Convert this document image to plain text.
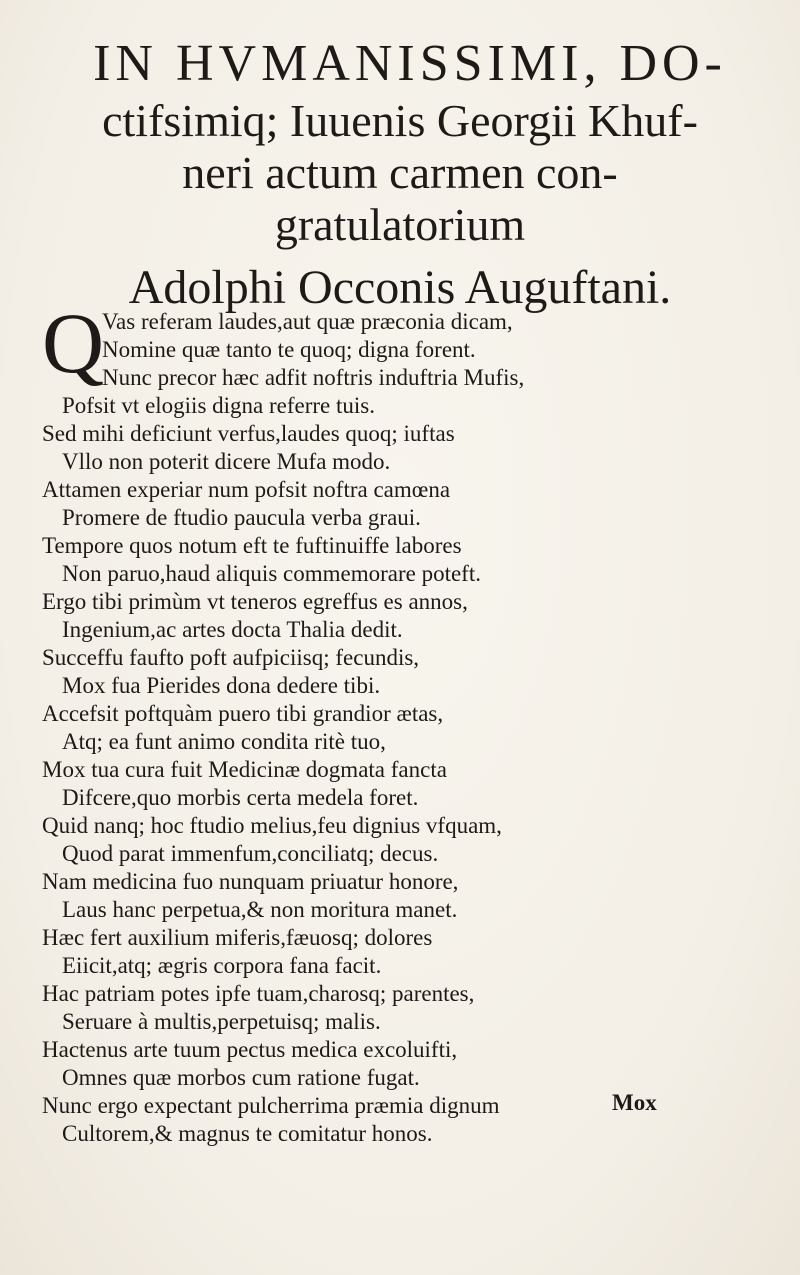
IN HVMANISSIMI, DO-
ctifsimiq; Iuuenis Georgii Khuf-
neri actum carmen con-
gratulatorium
Adolphi Occonis Auguftani.
Q
Vas referam laudes,aut quæ præconia dicam,
Nomine quæ tanto te quoq; digna forent.
Nunc precor hæc adfit noftris induftria Mufis,
Pofsit vt elogiis digna referre tuis.
Sed mihi deficiunt verfus,laudes quoq; iuftas
Vllo non poterit dicere Mufa modo.
Attamen experiar num pofsit noftra camœna
Promere de ftudio paucula verba graui.
Tempore quos notum eft te fuftinuiffe labores
Non paruo,haud aliquis commemorare poteft.
Ergo tibi primùm vt teneros egreffus es annos,
Ingenium,ac artes docta Thalia dedit.
Succeffu faufto poft aufpiciisq; fecundis,
Mox fua Pierides dona dedere tibi.
Accefsit poftquàm puero tibi grandior ætas,
Atq; ea funt animo condita ritè tuo,
Mox tua cura fuit Medicinæ dogmata fancta
Difcere,quo morbis certa medela foret.
Quid nanq; hoc ftudio melius,feu dignius vfquam,
Quod parat immenfum,conciliatq; decus.
Nam medicina fuo nunquam priuatur honore,
Laus hanc perpetua,& non moritura manet.
Hæc fert auxilium miferis,fæuosq; dolores
Eiicit,atq; ægris corpora fana facit.
Hac patriam potes ipfe tuam,charosq; parentes,
Seruare à multis,perpetuisq; malis.
Hactenus arte tuum pectus medica excoluifti,
Omnes quæ morbos cum ratione fugat.
Nunc ergo expectant pulcherrima præmia dignum
Cultorem,& magnus te comitatur honos.
Mox
